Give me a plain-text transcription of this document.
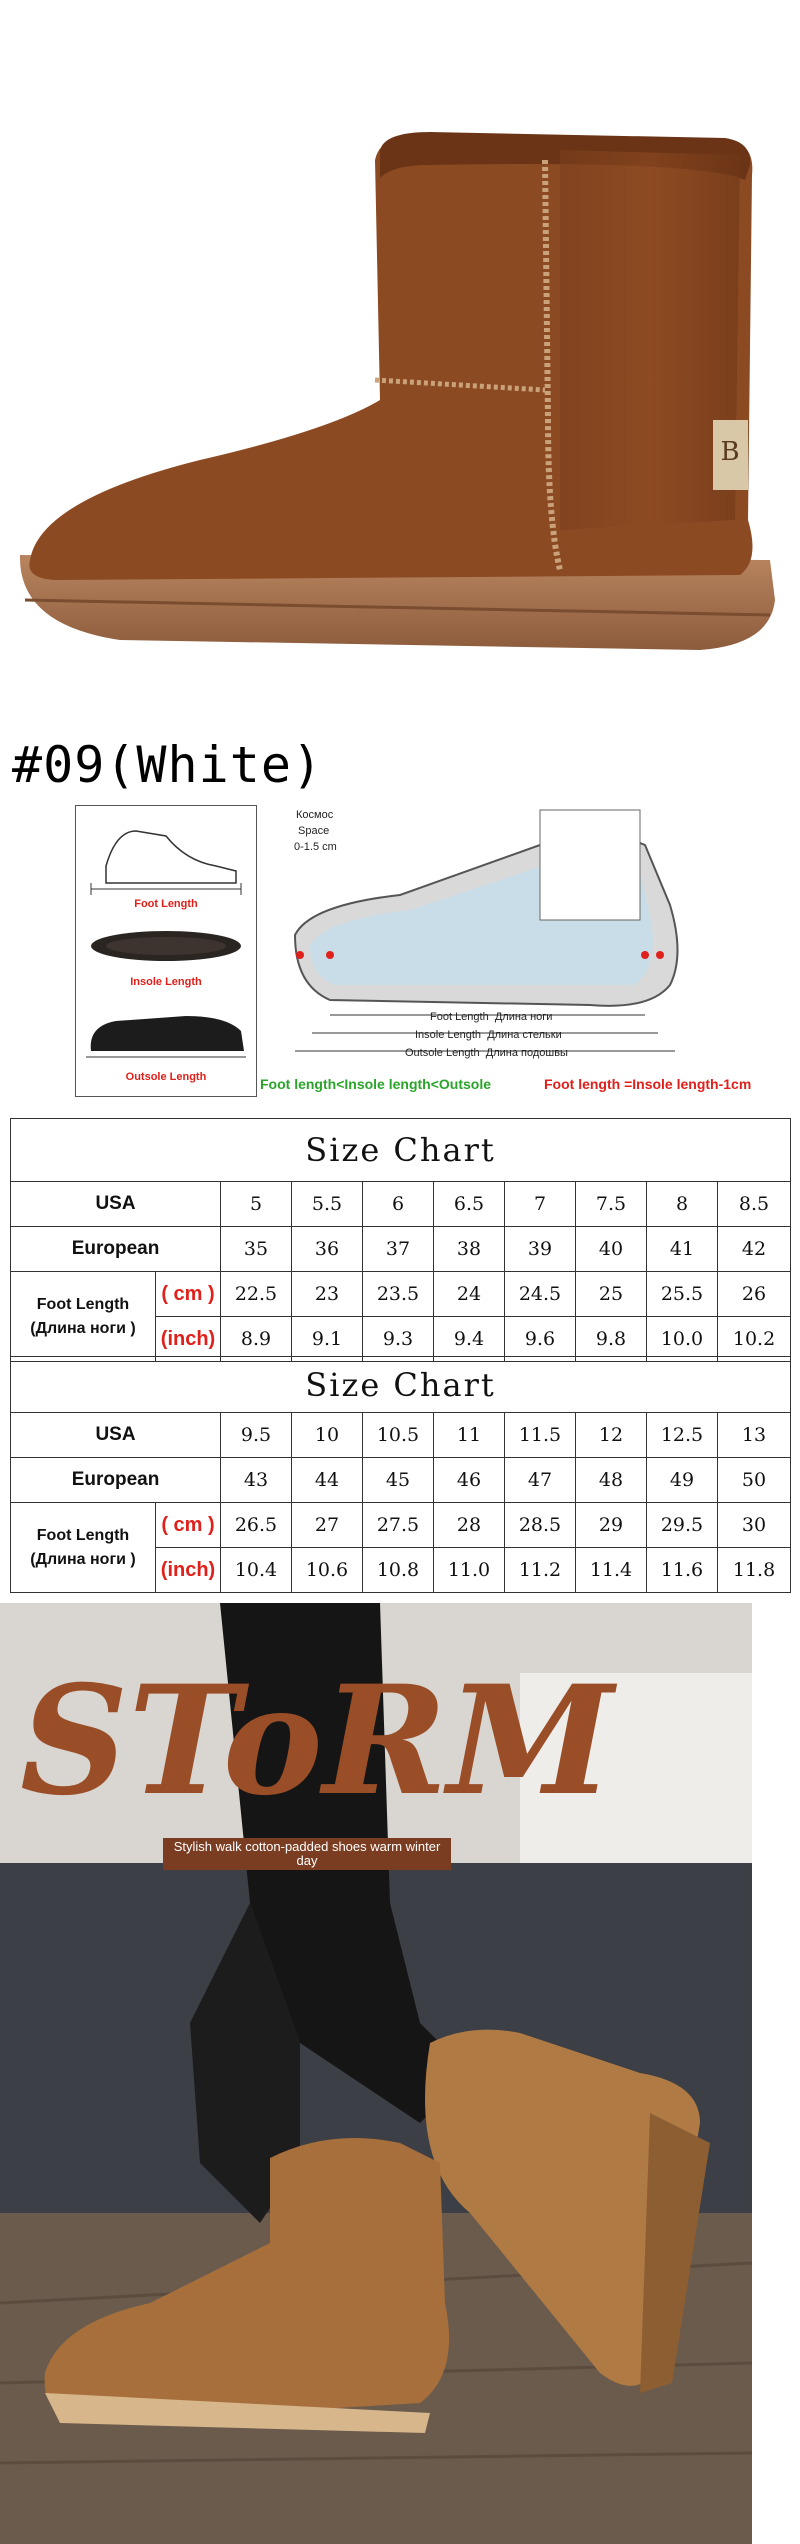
B
#09(White)
Foot Length
Insole Length
Outsole Length
Космос
Space
0-1.5 cm
Foot Length Длина ноги
Insole Length Длина стельки
Outsole Length Длина подошвы
Foot length<Insole length<Outsole	Foot length =Insole length-1cm
Size Chart									
USA		5	5.5	6	6.5	7	7.5	8	8.5
European		35	36	37	38	39	40	41	42
Foot Length
(Длина ноги )	( cm )	22.5	23	23.5	24	24.5	25	25.5	26
	(inch)	8.9	9.1	9.3	9.4	9.6	9.8	10.0	10.2
Size Chart									
USA		9.5	10	10.5	11	11.5	12	12.5	13
European		43	44	45	46	47	48	49	50
Foot Length
(Длина ноги )	( cm )	26.5	27	27.5	28	28.5	29	29.5	30
	(inch)	10.4	10.6	10.8	11.0	11.2	11.4	11.6	11.8
SToRM
Stylish walk cotton-padded shoes warm winter day
